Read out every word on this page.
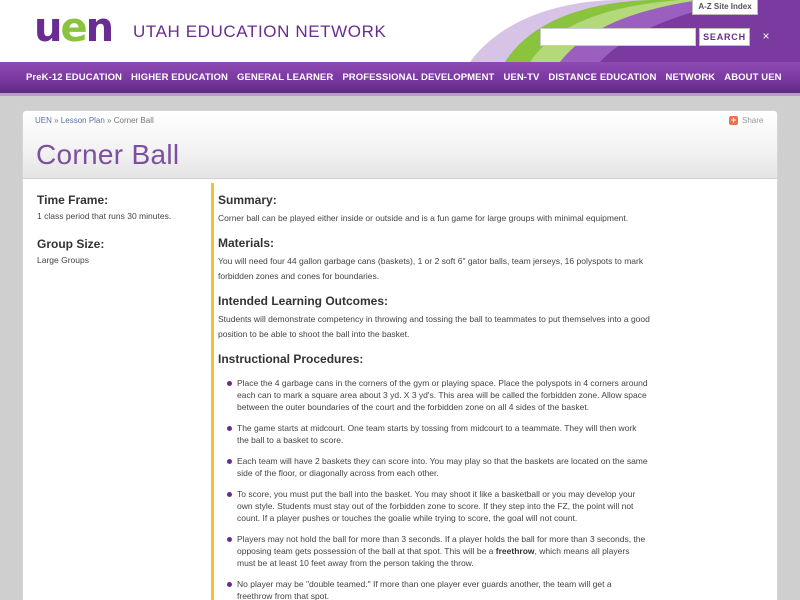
uen UTAH EDUCATION NETWORK
A-Z Site Index
SEARCH	×
PreK-12 EDUCATION HIGHER EDUCATION GENERAL LEARNER PROFESSIONAL DEVELOPMENT UEN-TV DISTANCE EDUCATION NETWORK ABOUT UEN
UEN » Lesson Plan » Corner Ball	+ Share
Corner Ball
Time Frame:
1 class period that runs 30 minutes.
Group Size:
Large Groups
Summary:
Corner ball can be played either inside or outside and is a fun game for large groups with minimal equipment.
Materials:
You will need four 44 gallon garbage cans (baskets), 1 or 2 soft 6" gator balls, team jerseys, 16 polyspots to mark forbidden zones and cones for boundaries.
Intended Learning Outcomes:
Students will demonstrate competency in throwing and tossing the ball to teammates to put themselves into a good position to be able to shoot the ball into the basket.
Instructional Procedures:
Place the 4 garbage cans in the corners of the gym or playing space. Place the polyspots in 4 corners around each can to mark a square area about 3 yd. X 3 yd's. This area will be called the forbidden zone. Allow space between the outer boundaries of the court and the forbidden zone on all 4 sides of the basket.
The game starts at midcourt. One team starts by tossing from midcourt to a teammate. They will then work the ball to a basket to score.
Each team will have 2 baskets they can score into. You may play so that the baskets are located on the same side of the floor, or diagonally across from each other.
To score, you must put the ball into the basket. You may shoot it like a basketball or you may develop your own style. Students must stay out of the forbidden zone to score. If they step into the FZ, the point will not count. If a player pushes or touches the goalie while trying to score, the goal will not count.
Players may not hold the ball for more than 3 seconds. If a player holds the ball for more than 3 seconds, the opposing team gets possession of the ball at that spot. This will be a freethrow, which means all players must be at least 10 feet away from the person taking the throw.
No player may be "double teamed." If more than one player ever guards another, the team will get a freethrow from that spot.
